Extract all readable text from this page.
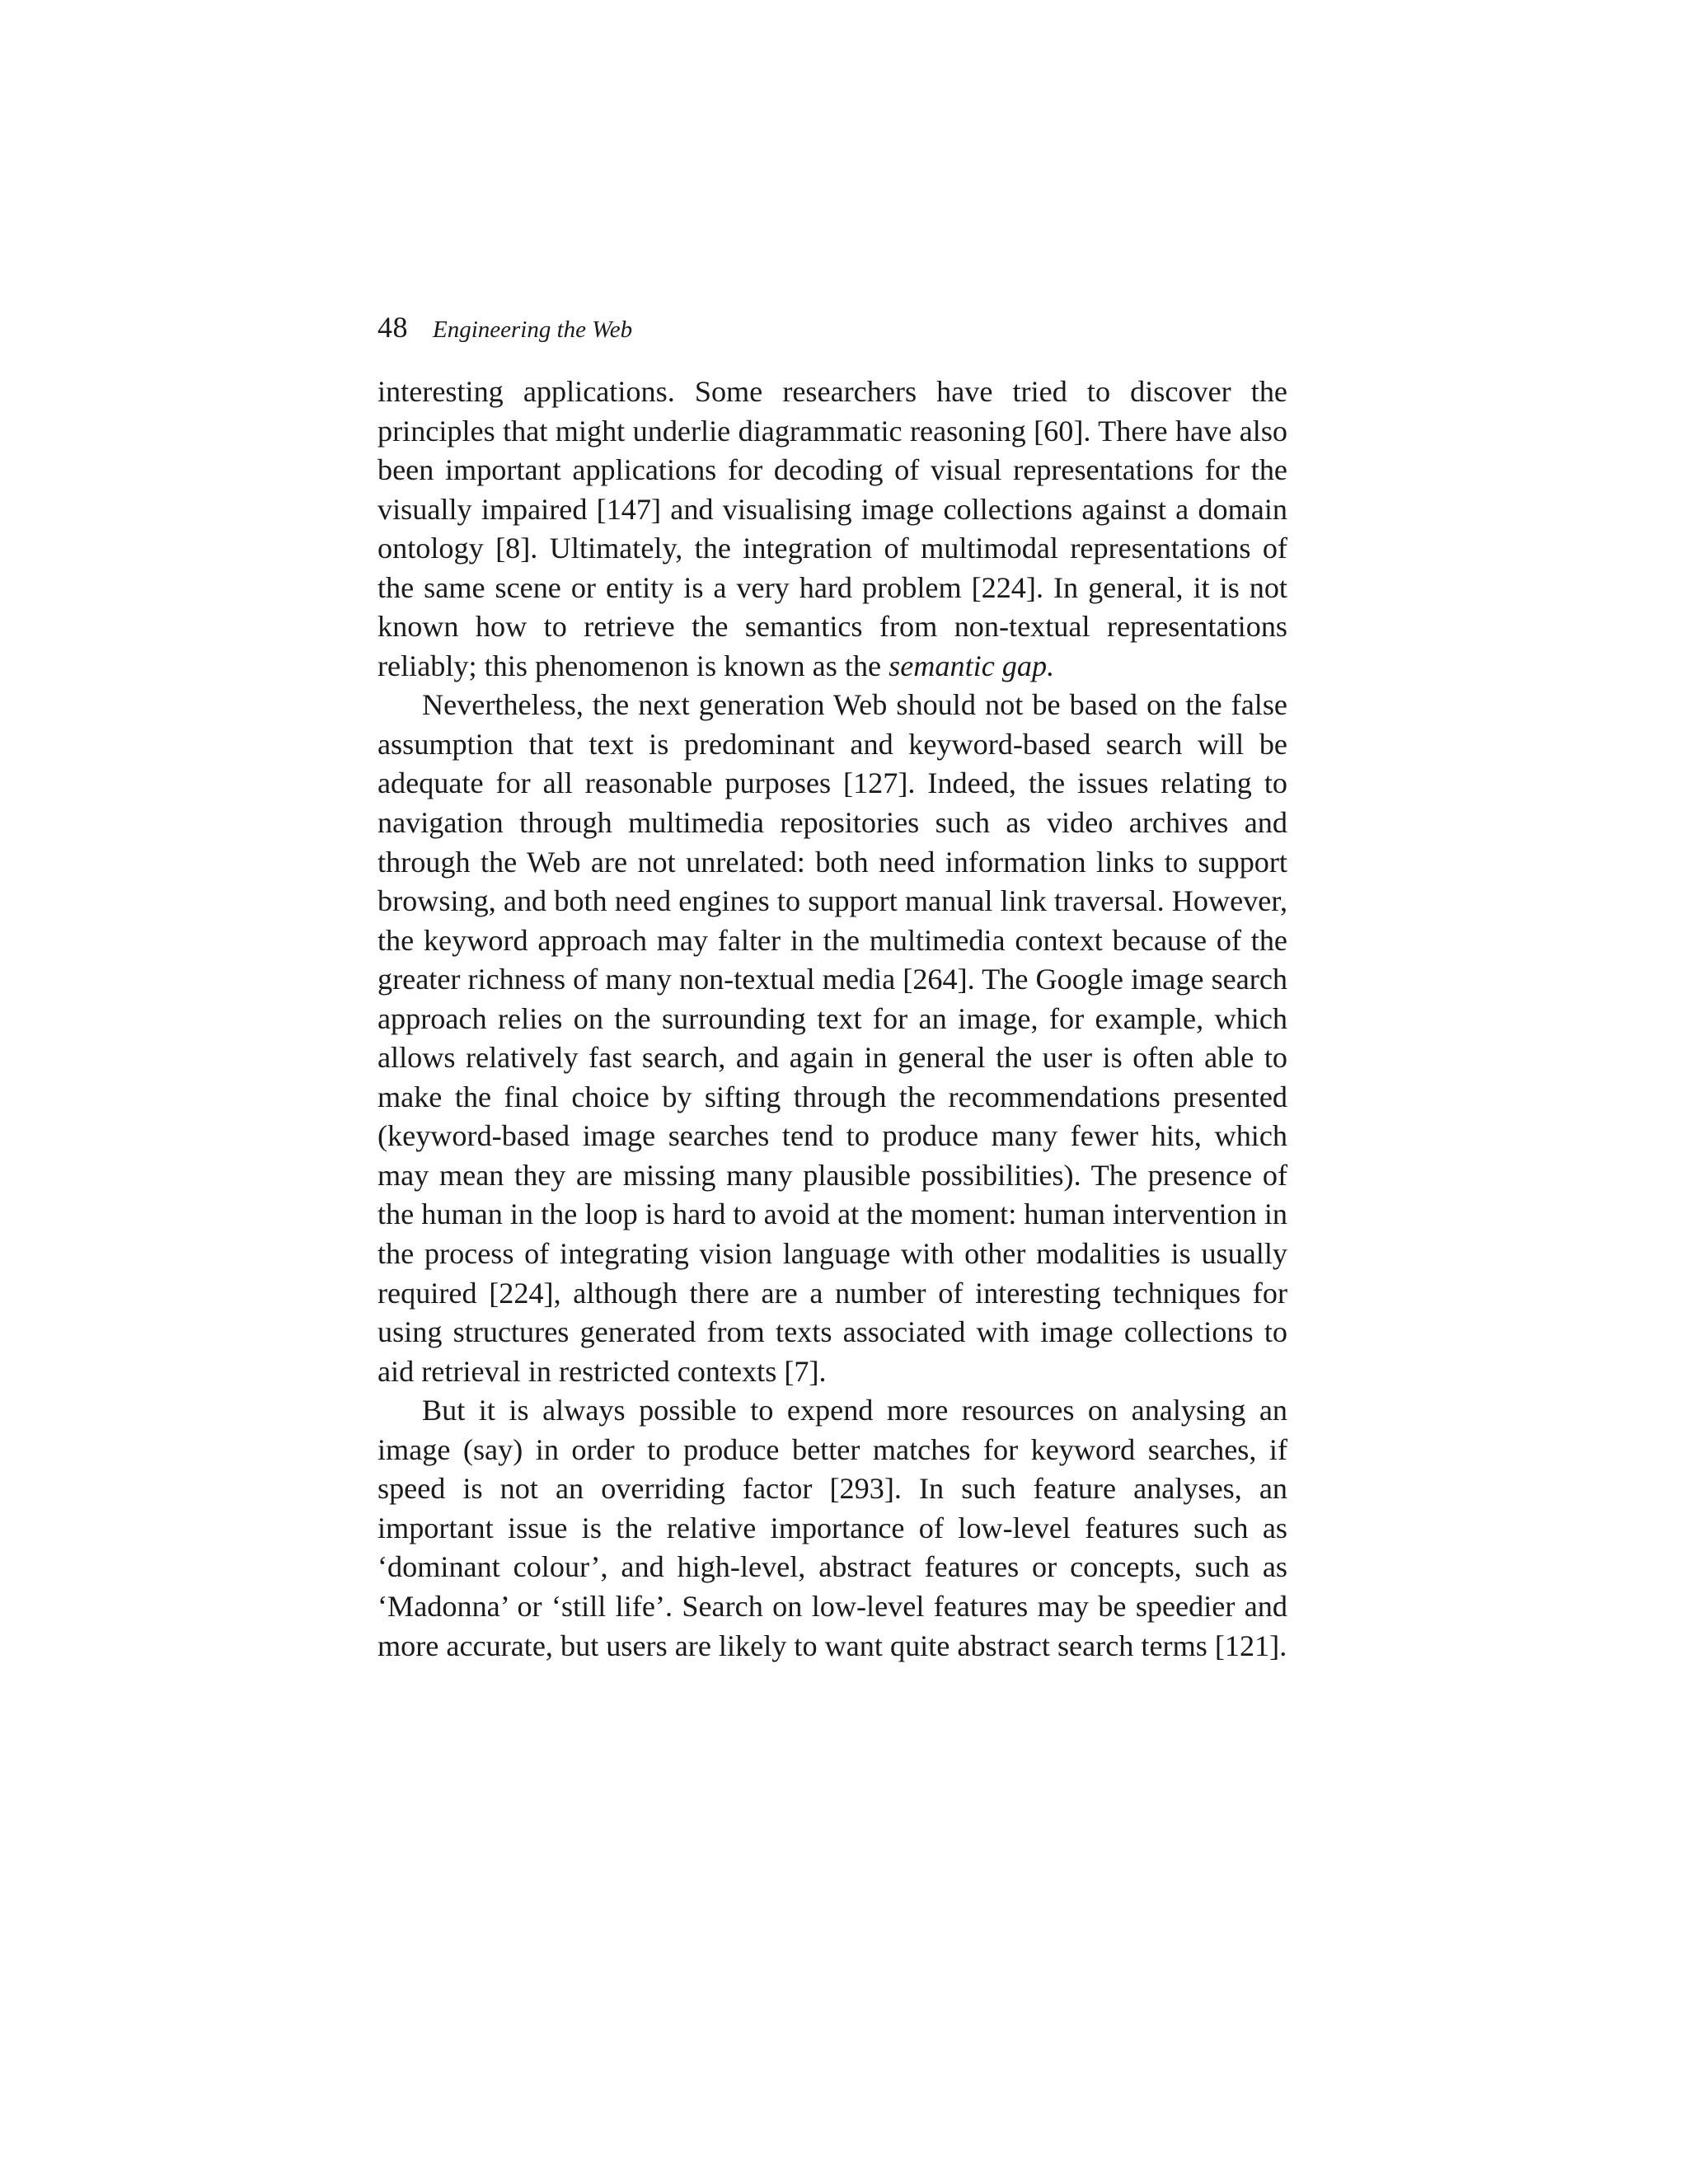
48 Engineering the Web

interesting applications. Some researchers have tried to discover the principles that might underlie diagrammatic reasoning [60]. There have also been important applications for decoding of visual representations for the visually impaired [147] and visualising image collections against a domain ontology [8]. Ultimately, the integration of multimodal representations of the same scene or entity is a very hard problem [224]. In general, it is not known how to retrieve the semantics from non-textual representations reliably; this phenomenon is known as the semantic gap.

Nevertheless, the next generation Web should not be based on the false assumption that text is predominant and keyword-based search will be adequate for all reasonable purposes [127]. Indeed, the issues relating to navigation through multimedia repositories such as video archives and through the Web are not unrelated: both need information links to support browsing, and both need engines to support manual link traversal. However, the keyword approach may falter in the multimedia context because of the greater richness of many non-textual media [264]. The Google image search approach relies on the surrounding text for an image, for example, which allows relatively fast search, and again in general the user is often able to make the final choice by sifting through the recommendations presented (keyword-based image searches tend to produce many fewer hits, which may mean they are missing many plausible possibilities). The presence of the human in the loop is hard to avoid at the moment: human intervention in the process of integrating vision language with other modalities is usually required [224], although there are a number of interesting techniques for using structures generated from texts associated with image collections to aid retrieval in restricted contexts [7].

But it is always possible to expend more resources on analysing an image (say) in order to produce better matches for keyword searches, if speed is not an overriding factor [293]. In such feature analyses, an important issue is the relative importance of low-level features such as ‘dominant colour’, and high-level, abstract features or concepts, such as ‘Madonna’ or ‘still life’. Search on low-level features may be speedier and more accurate, but users are likely to want quite abstract search terms [121].
